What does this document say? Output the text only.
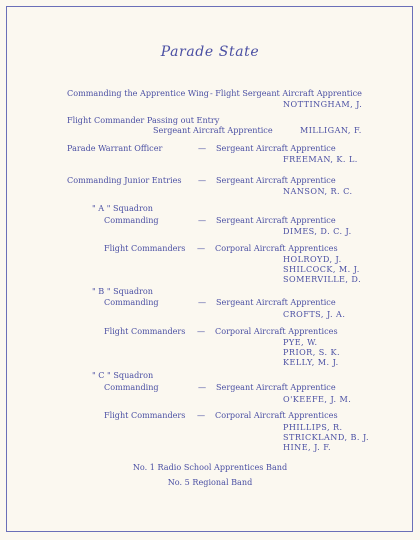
Parade State
Commanding the Apprentice Wing - Flight Sergeant Aircraft Apprentice
NOTTINGHAM, J.
Flight Commander Passing out Entry
Sergeant Aircraft Apprentice	MILLIGAN, F.
Parade Warrant Officer	— Sergeant Aircraft Apprentice
FREEMAN, K. L.
Commanding Junior Entries — Sergeant Aircraft Apprentice
NANSON, R. C.
" A " Squadron
Commanding	— Sergeant Aircraft Apprentice
DIMES, D. C. J.
Flight Commanders — Corporal Aircraft Apprentices
HOLROYD, J.
SHILCOCK, M. J.
SOMERVILLE, D.
" B " Squadron
Commanding	— Sergeant Aircraft Apprentice
CROFTS, J. A.
Flight Commanders — Corporal Aircraft Apprentices
PYE, W.
PRIOR, S. K.
KELLY, M. J.
" C " Squadron
Commanding	— Sergeant Aircraft Apprentice
O'KEEFE, J. M.
Flight Commanders — Corporal Aircraft Apprentices
PHILLIPS, R.
STRICKLAND, B. J.
HINE, J. F.
No. 1 Radio School Apprentices Band
No. 5 Regional Band
